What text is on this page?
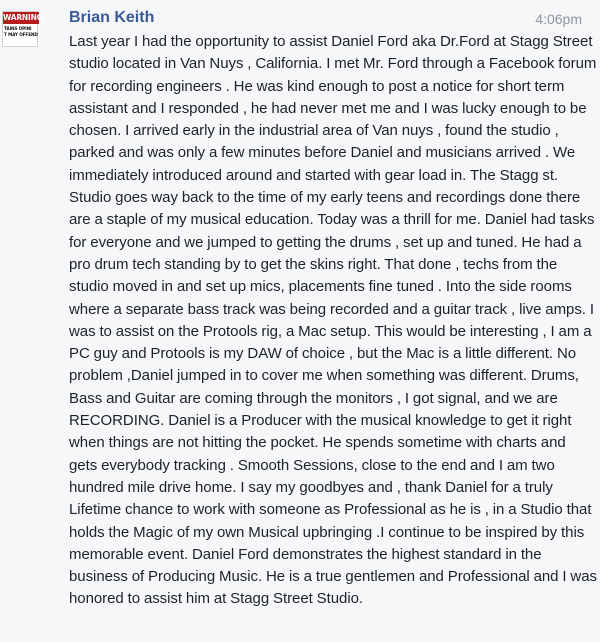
WARNING
TAINS OPINI
T MAY OFFEND
Brian Keith	4:06pm

Last year I had the opportunity to assist Daniel Ford aka Dr.Ford at Stagg Street studio located in Van Nuys , California. I met Mr. Ford through a Facebook forum for recording engineers . He was kind enough to post a notice for short term assistant and I responded , he had never met me and I was lucky enough to be chosen. I arrived early in the industrial area of Van nuys , found the studio , parked and was only a few minutes before Daniel and musicians arrived . We immediately introduced around and started with gear load in. The Stagg st. Studio goes way back to the time of my early teens and recordings done there are a staple of my musical education. Today was a thrill for me. Daniel had tasks for everyone and we jumped to getting the drums , set up and tuned. He had a pro drum tech standing by to get the skins right. That done , techs from the studio moved in and set up mics, placements fine tuned . Into the side rooms where a separate bass track was being recorded and a guitar track , live amps. I was to assist on the Protools rig, a Mac setup. This would be interesting , I am a PC guy and Protools is my DAW of choice , but the Mac is a little different. No problem ,Daniel jumped in to cover me when something was different. Drums, Bass and Guitar are coming through the monitors , I got signal, and we are RECORDING. Daniel is a Producer with the musical knowledge to get it right when things are not hitting the pocket. He spends sometime with charts and gets everybody tracking . Smooth Sessions, close to the end and I am two hundred mile drive home. I say my goodbyes and , thank Daniel for a truly Lifetime chance to work with someone as Professional as he is , in a Studio that holds the Magic of my own Musical upbringing .I continue to be inspired by this memorable event. Daniel Ford demonstrates the highest standard in the business of Producing Music. He is a true gentlemen and Professional and I was honored to assist him at Stagg Street Studio.
